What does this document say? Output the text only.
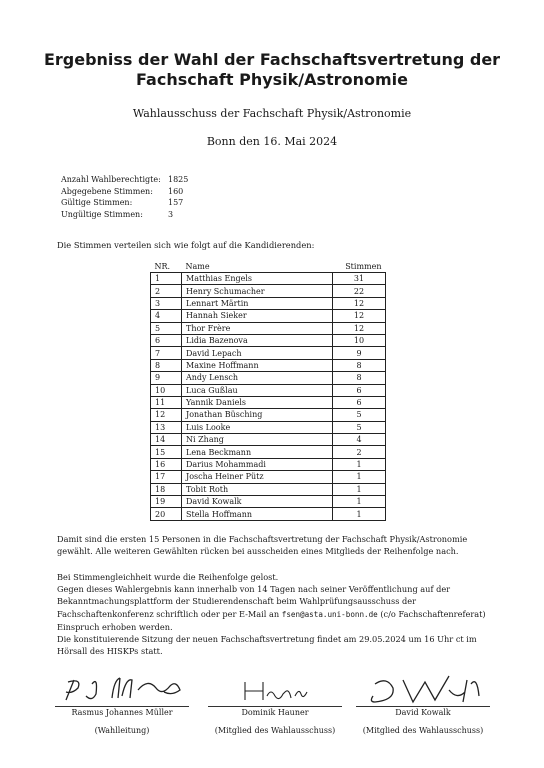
Ergebniss der Wahl der Fachschaftsvertretung der Fachschaft Physik/Astronomie
Wahlausschuss der Fachschaft Physik/Astronomie
Bonn den 16. Mai 2024
Anzahl Wahlberechtigte: 1825
Abgegebene Stimmen:	160
Gültige Stimmen:	157
Ungültige Stimmen:	3
Die Stimmen verteilen sich wie folgt auf die Kandidierenden:
NR.	Name	Stimmen
1	Matthias Engels	31
2	Henry Schumacher	22
3	Lennart Märtin	12
4	Hannah Sieker	12
5	Thor Frère	12
6	Lidia Bazenova	10
7	David Lepach	9
8	Maxine Hoffmann	8
9	Andy Lensch	8
10	Luca Gußlau	6
11	Yannik Daniels	6
12	Jonathan Büsching	5
13	Luis Looke	5
14	Ni Zhang	4
15	Lena Beckmann	2
16	Darius Mohammadi	1
17	Joscha Heiner Pütz	1
18	Tobit Roth	1
19	David Kowalk	1
20	Stella Hoffmann	1
Damit sind die ersten 15 Personen in die Fachschaftsvertretung der Fachschaft Physik/Astronomie gewählt. Alle weiteren Gewählten rücken bei ausscheiden eines Mitglieds der Reihenfolge nach.
Bei Stimmengleichheit wurde die Reihenfolge gelost.
Gegen dieses Wahlergebnis kann innerhalb von 14 Tagen nach seiner Veröffentlichung auf der Bekanntmachungsplattform der Studierendenschaft beim Wahlprüfungsausschuss der Fachschaftenkonferenz schriftlich oder per E-Mail an fsen@asta.uni-bonn.de (c/o Fachschaftenreferat) Einspruch erhoben werden.
Die konstituierende Sitzung der neuen Fachschaftsvertretung findet am 29.05.2024 um 16 Uhr ct im Hörsall des HISKPs statt.
Rasmus Johannes Müller
(Wahlleitung)
Dominik Hauner
(Mitglied des Wahlausschuss)
David Kowalk
(Mitglied des Wahlausschuss)
